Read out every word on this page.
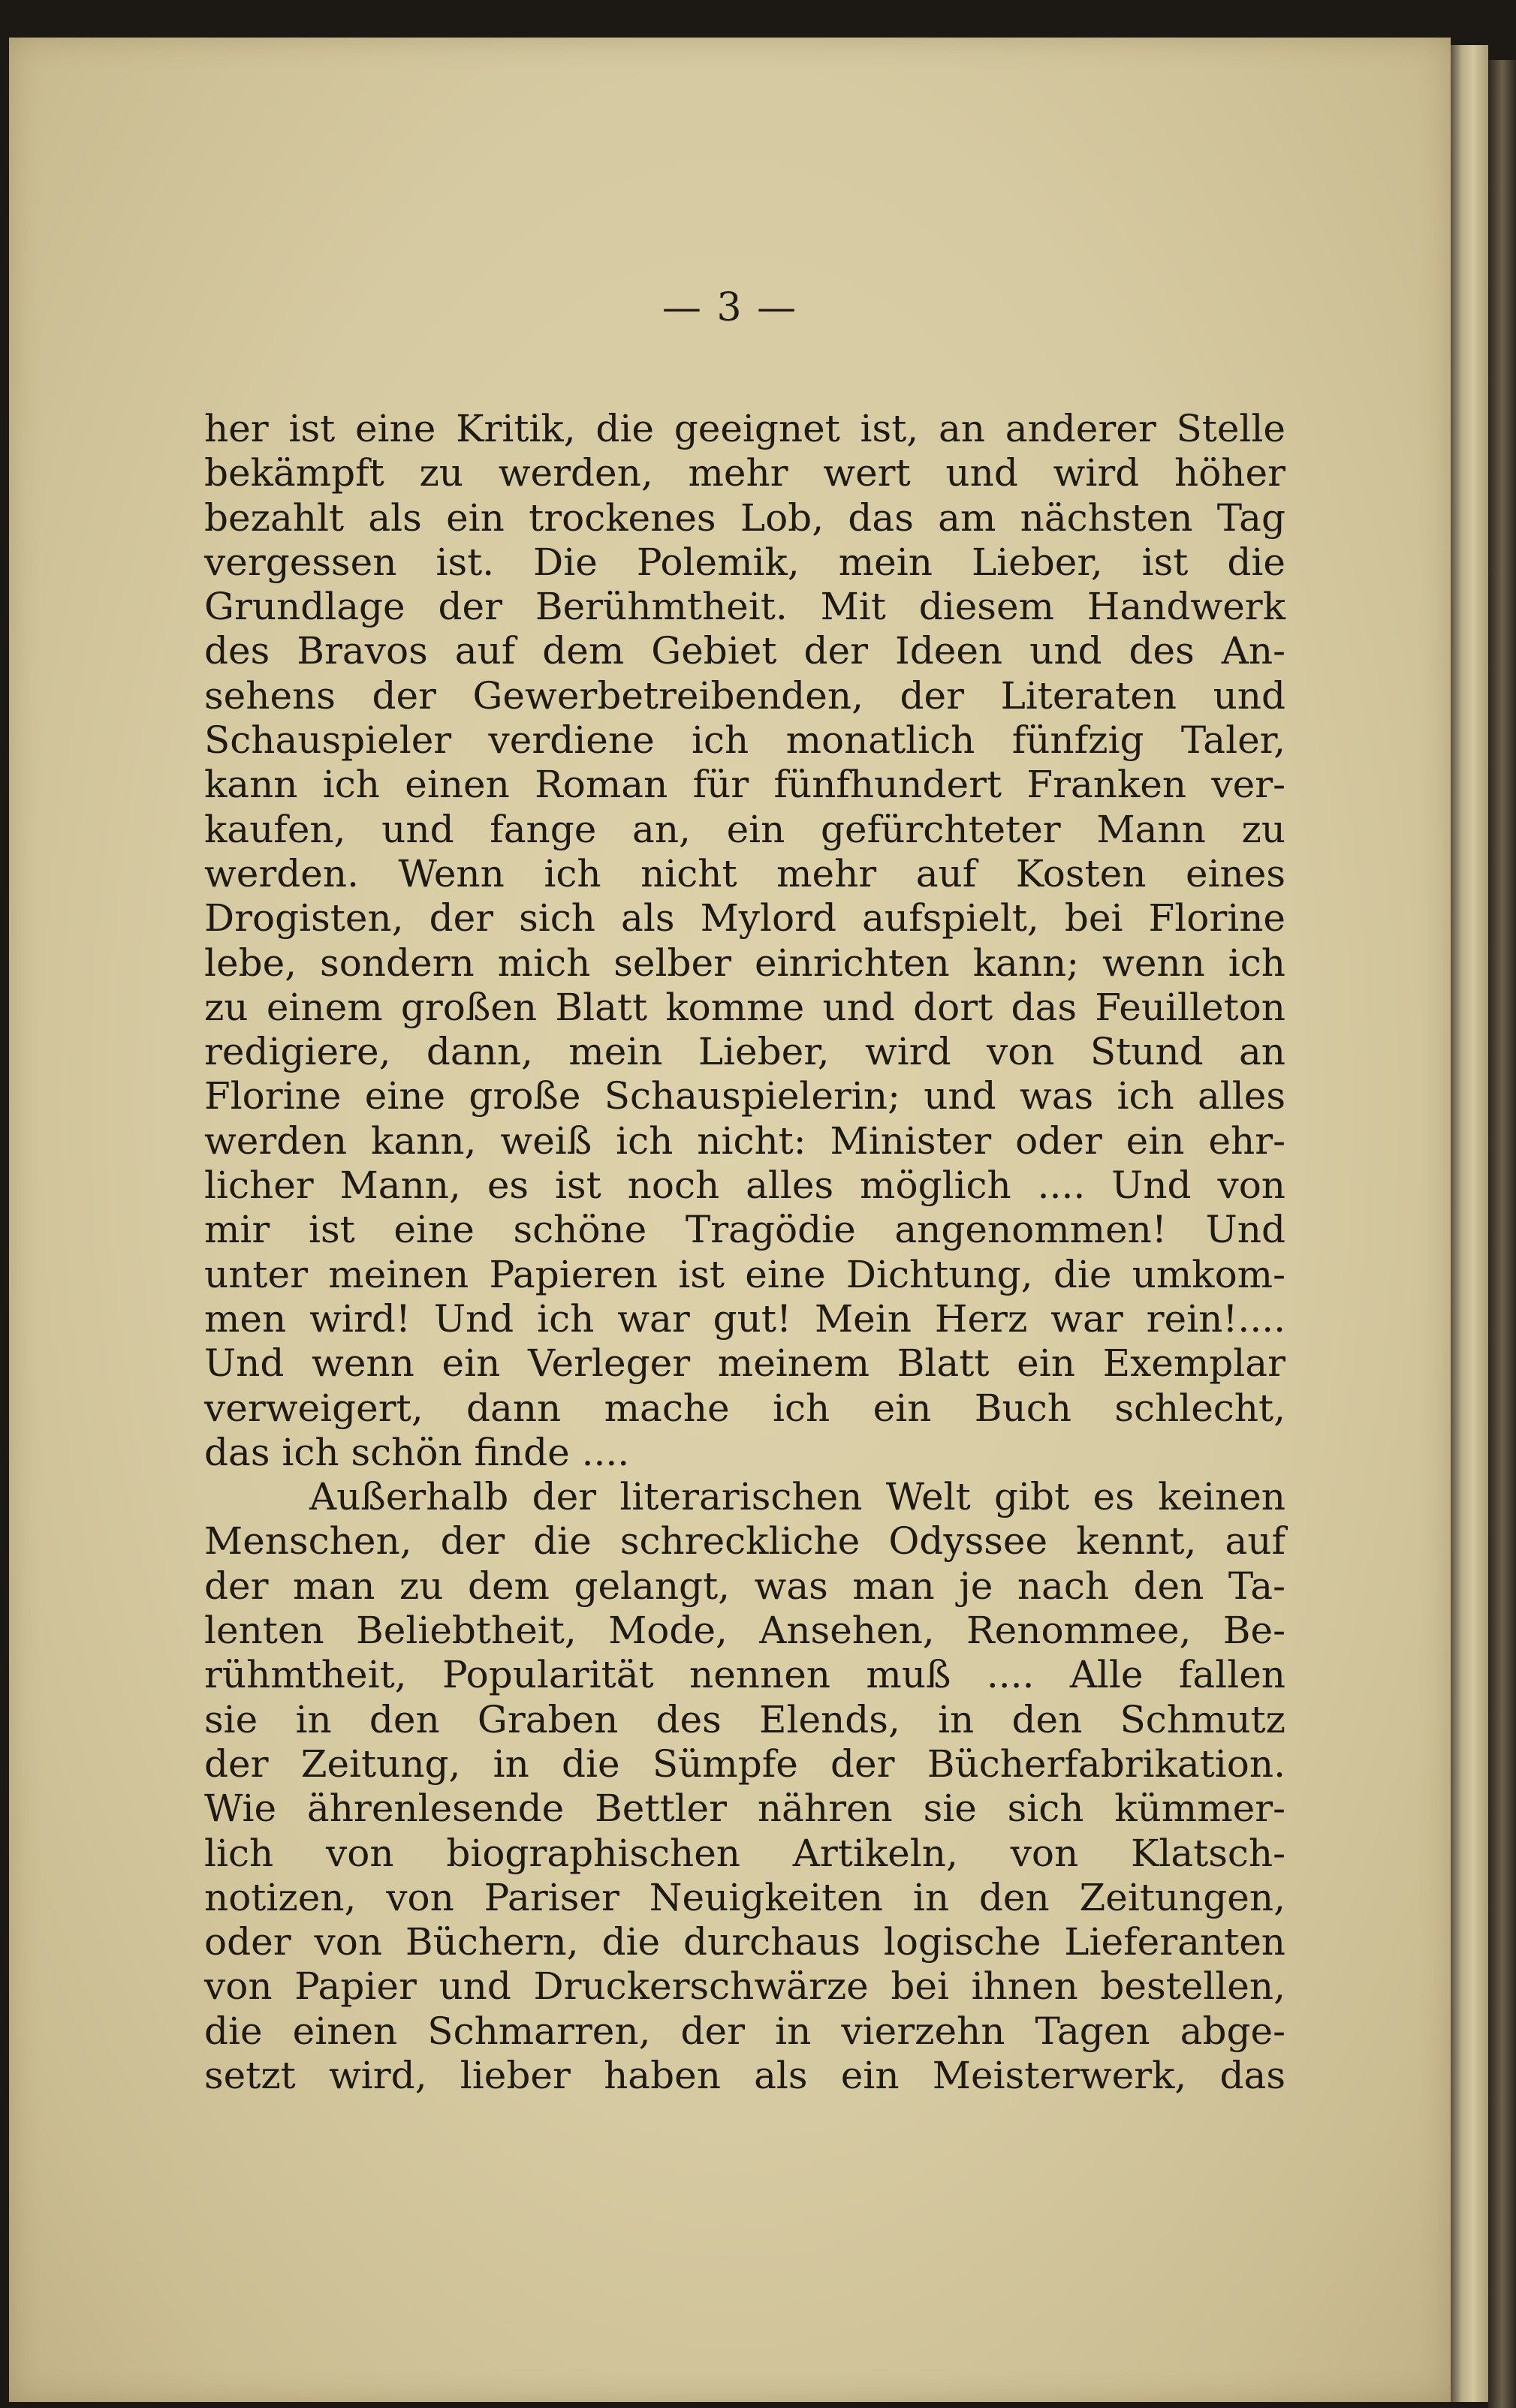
— 3 —
her ist eine Kritik, die geeignet ist, an anderer Stelle
bekämpft zu werden, mehr wert und wird höher
bezahlt als ein trockenes Lob, das am nächsten Tag
vergessen ist. Die Polemik, mein Lieber, ist die
Grundlage der Berühmtheit. Mit diesem Handwerk
des Bravos auf dem Gebiet der Ideen und des An-
sehens der Gewerbetreibenden, der Literaten und
Schauspieler verdiene ich monatlich fünfzig Taler,
kann ich einen Roman für fünfhundert Franken ver-
kaufen, und fange an, ein gefürchteter Mann zu
werden. Wenn ich nicht mehr auf Kosten eines
Drogisten, der sich als Mylord aufspielt, bei Florine
lebe, sondern mich selber einrichten kann; wenn ich
zu einem großen Blatt komme und dort das Feuilleton
redigiere, dann, mein Lieber, wird von Stund an
Florine eine große Schauspielerin; und was ich alles
werden kann, weiß ich nicht: Minister oder ein ehr-
licher Mann, es ist noch alles möglich .... Und von
mir ist eine schöne Tragödie angenommen! Und
unter meinen Papieren ist eine Dichtung, die umkom-
men wird! Und ich war gut! Mein Herz war rein!....
Und wenn ein Verleger meinem Blatt ein Exemplar
verweigert, dann mache ich ein Buch schlecht,
das ich schön finde ....
Außerhalb der literarischen Welt gibt es keinen
Menschen, der die schreckliche Odyssee kennt, auf
der man zu dem gelangt, was man je nach den Ta-
lenten Beliebtheit, Mode, Ansehen, Renommee, Be-
rühmtheit, Popularität nennen muß .... Alle fallen
sie in den Graben des Elends, in den Schmutz
der Zeitung, in die Sümpfe der Bücherfabrikation.
Wie ährenlesende Bettler nähren sie sich kümmer-
lich von biographischen Artikeln, von Klatsch-
notizen, von Pariser Neuigkeiten in den Zeitungen,
oder von Büchern, die durchaus logische Lieferanten
von Papier und Druckerschwärze bei ihnen bestellen,
die einen Schmarren, der in vierzehn Tagen abge-
setzt wird, lieber haben als ein Meisterwerk, das
